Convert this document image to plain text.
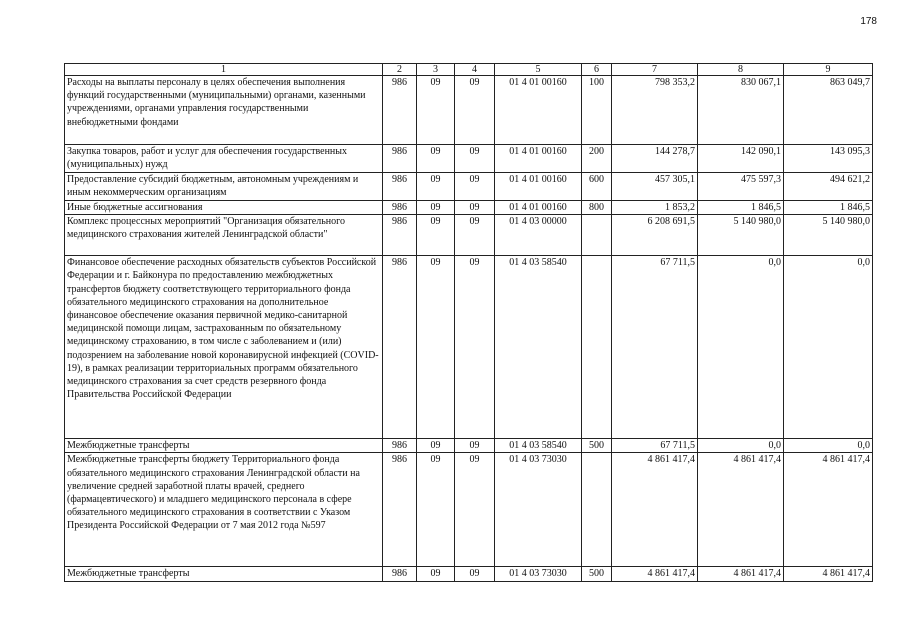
178
1	2	3	4	5	6	7	8	9
Расходы на выплаты персоналу в целях обеспечения выполнения функций государственными (муниципальными) органами, казенными учреждениями, органами управления государственными внебюджетными фондами	986	09	09	01 4 01 00160	100	798 353,2	830 067,1	863 049,7
Закупка товаров, работ и услуг для обеспечения государственных (муниципальных) нужд	986	09	09	01 4 01 00160	200	144 278,7	142 090,1	143 095,3
Предоставление субсидий бюджетным, автономным учреждениям и иным некоммерческим организациям	986	09	09	01 4 01 00160	600	457 305,1	475 597,3	494 621,2
Иные бюджетные ассигнования	986	09	09	01 4 01 00160	800	1 853,2	1 846,5	1 846,5
Комплекс процессных мероприятий "Организация обязательного медицинского страхования жителей Ленинградской области"	986	09	09	01 4 03 00000		6 208 691,5	5 140 980,0	5 140 980,0
Финансовое обеспечение расходных обязательств субъектов Российской Федерации и г. Байконура по предоставлению межбюджетных трансфертов бюджету соответствующего территориального фонда обязательного медицинского страхования на дополнительное финансовое обеспечение оказания первичной медико-санитарной медицинской помощи лицам, застрахованным по обязательному медицинскому страхованию, в том числе с заболеванием и (или) подозрением на заболевание новой коронавирусной инфекцией (COVID-19), в рамках реализации территориальных программ обязательного медицинского страхования за счет средств резервного фонда Правительства Российской Федерации	986	09	09	01 4 03 58540		67 711,5	0,0	0,0
Межбюджетные трансферты	986	09	09	01 4 03 58540	500	67 711,5	0,0	0,0
Межбюджетные трансферты бюджету Территориального фонда обязательного медицинского страхования Ленинградской области на увеличение средней заработной платы врачей, среднего (фармацевтического) и младшего медицинского персонала в сфере обязательного медицинского страхования в соответствии с Указом Президента Российской Федерации от 7 мая 2012 года №597	986	09	09	01 4 03 73030		4 861 417,4	4 861 417,4	4 861 417,4
Межбюджетные трансферты	986	09	09	01 4 03 73030	500	4 861 417,4	4 861 417,4	4 861 417,4
